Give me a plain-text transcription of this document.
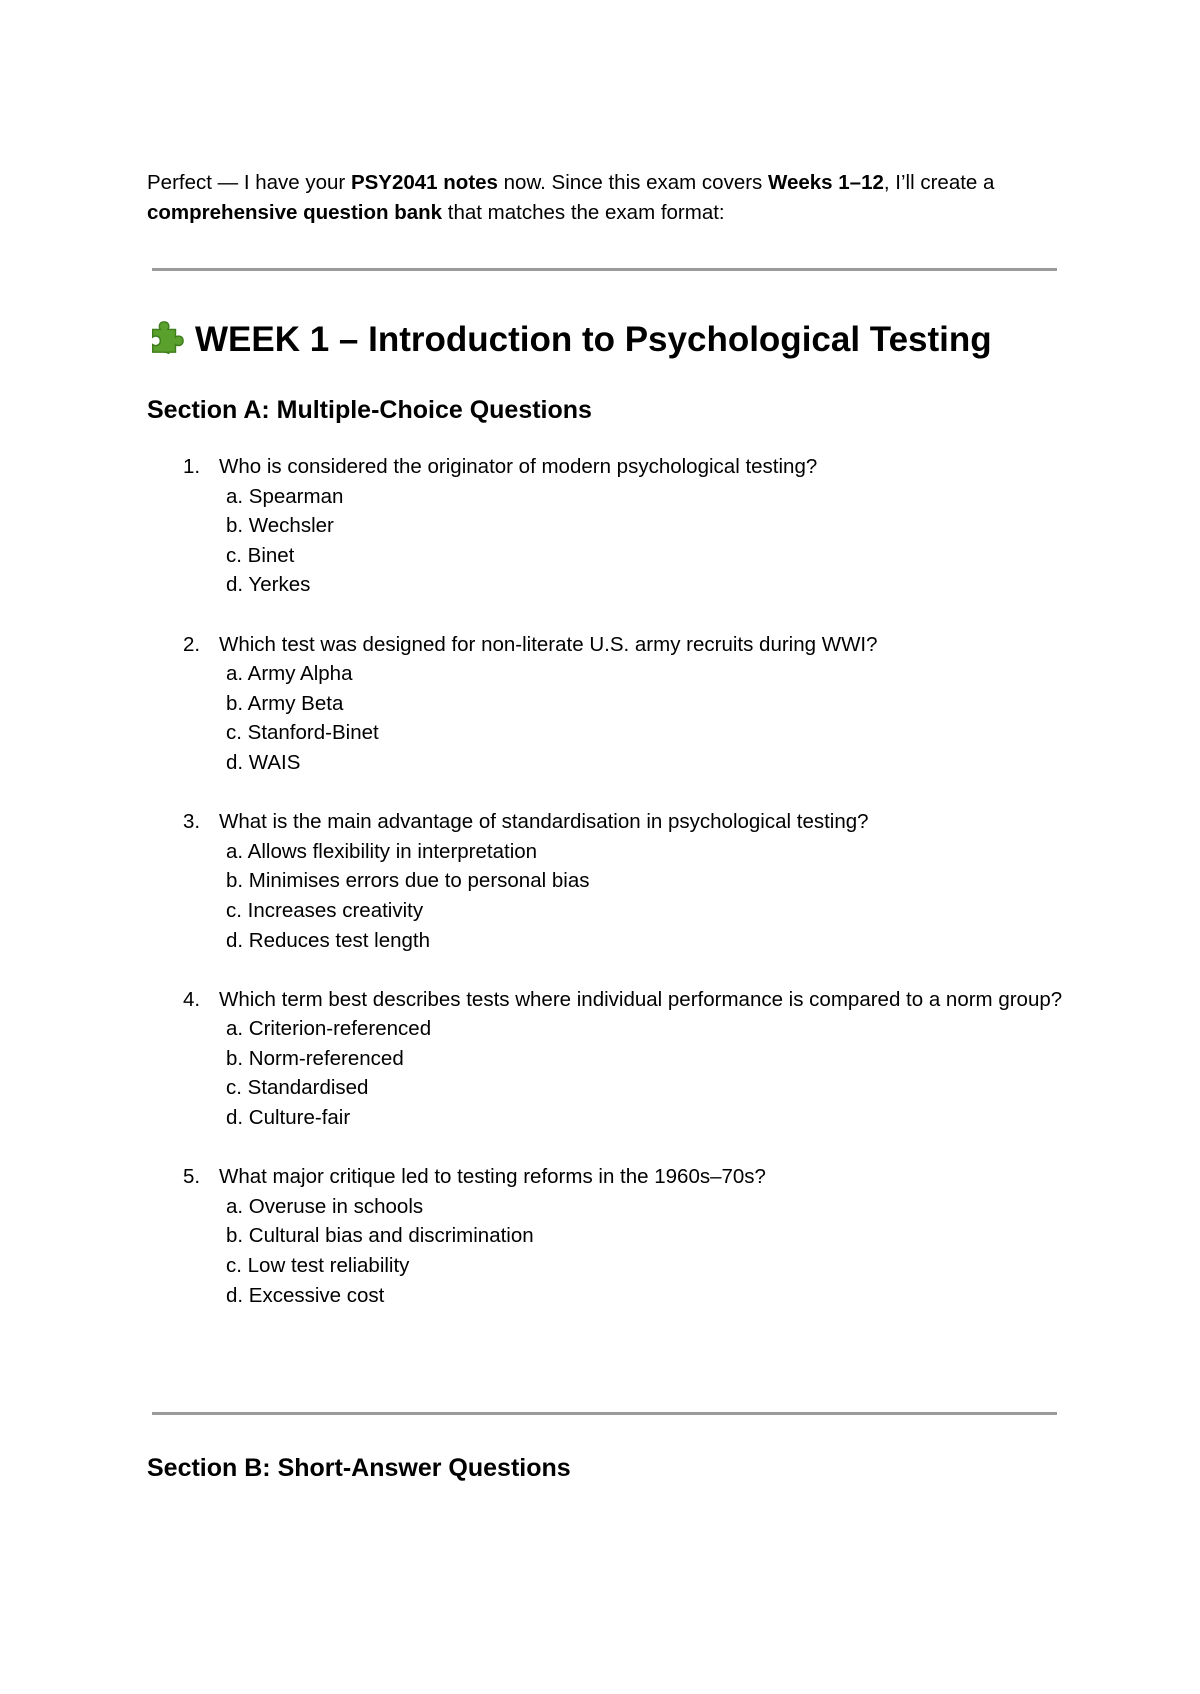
Perfect — I have your PSY2041 notes now. Since this exam covers Weeks 1–12, I’ll create a comprehensive question bank that matches the exam format:

WEEK 1 – Introduction to Psychological Testing
Section A: Multiple-Choice Questions
1. Who is considered the originator of modern psychological testing?
a. Spearman
b. Wechsler
c. Binet
d. Yerkes
2. Which test was designed for non-literate U.S. army recruits during WWI?
a. Army Alpha
b. Army Beta
c. Stanford-Binet
d. WAIS
3. What is the main advantage of standardisation in psychological testing?
a. Allows flexibility in interpretation
b. Minimises errors due to personal bias
c. Increases creativity
d. Reduces test length
4. Which term best describes tests where individual performance is compared to a norm group?
a. Criterion-referenced
b. Norm-referenced
c. Standardised
d. Culture-fair
5. What major critique led to testing reforms in the 1960s–70s?
a. Overuse in schools
b. Cultural bias and discrimination
c. Low test reliability
d. Excessive cost
Section B: Short-Answer Questions
